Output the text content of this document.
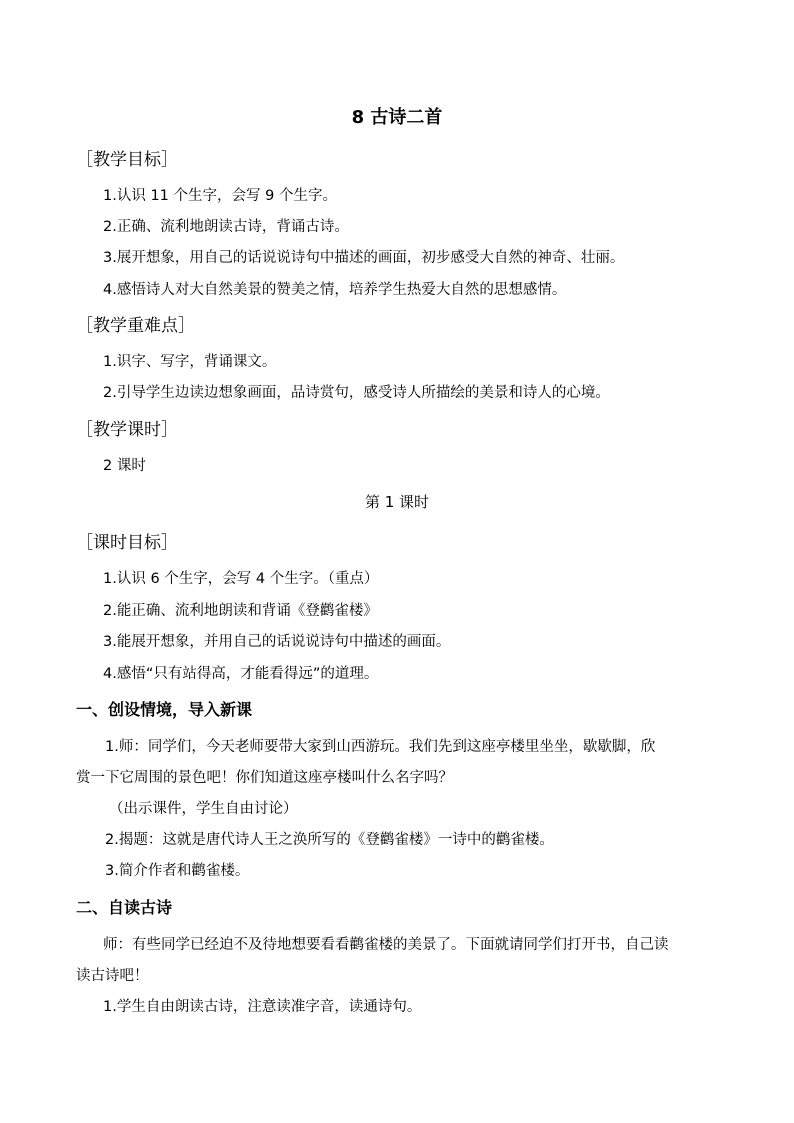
8 古诗二首
［教学目标］
1.认识 11 个生字，会写 9 个生字。
2.正确、流利地朗读古诗，背诵古诗。
3.展开想象，用自己的话说说诗句中描述的画面，初步感受大自然的神奇、壮丽。
4.感悟诗人对大自然美景的赞美之情，培养学生热爱大自然的思想感情。
［教学重难点］
1.识字、写字，背诵课文。
2.引导学生边读边想象画面，品诗赏句，感受诗人所描绘的美景和诗人的心境。
［教学课时］
2 课时
第 1 课时
［课时目标］
1.认识 6 个生字，会写 4 个生字。（重点）
2.能正确、流利地朗读和背诵《登鹳雀楼》
3.能展开想象，并用自己的话说说诗句中描述的画面。
4.感悟“只有站得高，才能看得远”的道理。
一、创设情境，导入新课
1.师：同学们，今天老师要带大家到山西游玩。我们先到这座亭楼里坐坐，歇歇脚，欣
赏一下它周围的景色吧！你们知道这座亭楼叫什么名字吗？
（出示课件，学生自由讨论）
2.揭题：这就是唐代诗人王之涣所写的《登鹳雀楼》一诗中的鹳雀楼。
3.简介作者和鹳雀楼。
二、自读古诗
师：有些同学已经迫不及待地想要看看鹳雀楼的美景了。下面就请同学们打开书，自己读
读古诗吧！
1.学生自由朗读古诗，注意读准字音，读通诗句。
